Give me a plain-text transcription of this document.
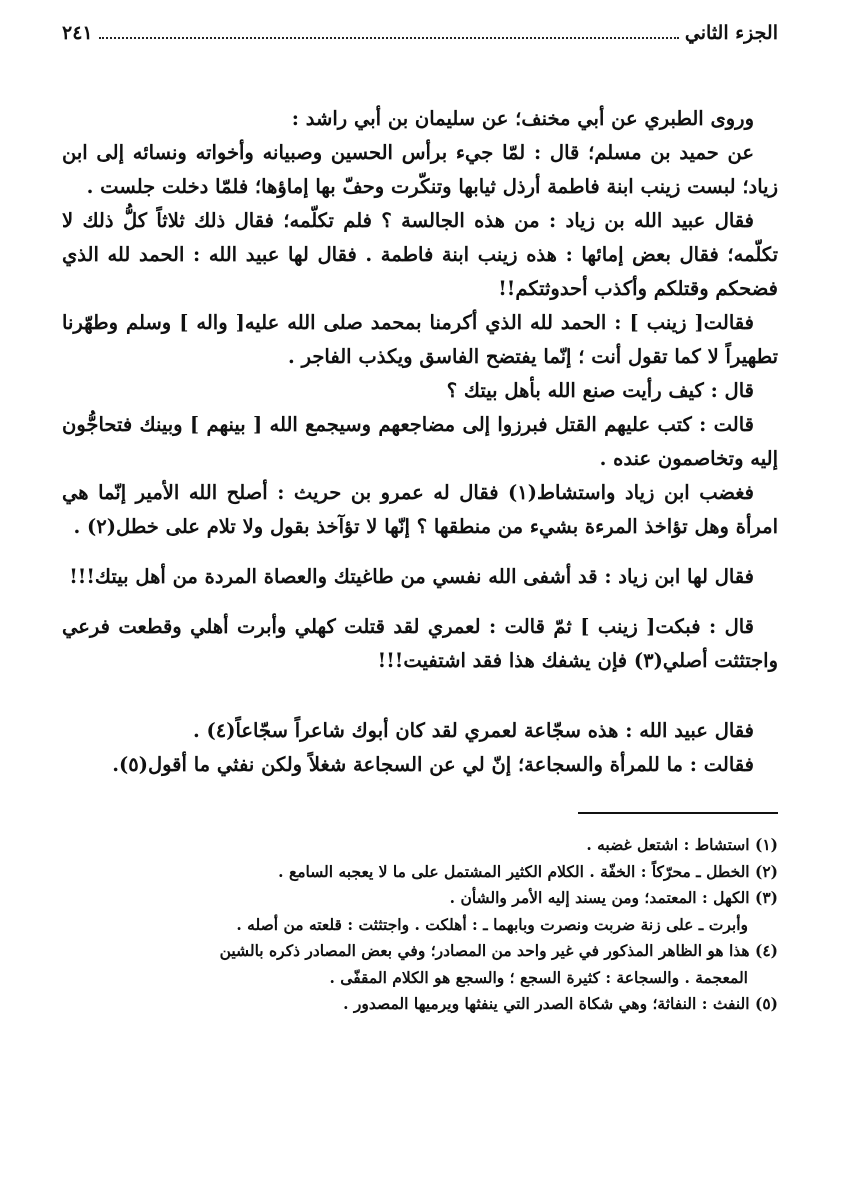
الجزء الثاني
٢٤١

وروى الطبري عن أبي مخنف؛ عن سليمان بن أبي راشد :

عن حميد بن مسلم؛ قال : لمّا جيء برأس الحسين وصبيانه وأخواته ونسائه إلى ابن زياد؛ لبست زينب ابنة فاطمة أرذل ثيابها وتنكّرت وحفّ بها إماؤها؛ فلمّا دخلت جلست .

فقال عبيد الله بن زياد : من هذه الجالسة ؟ فلم تكلّمه؛ فقال ذلك ثلاثاً كلُّ ذلك لا تكلّمه؛ فقال بعض إمائها : هذه زينب ابنة فاطمة . فقال لها عبيد الله : الحمد لله الذي فضحكم وقتلكم وأكذب أحدوثتكم!!

فقالت[ زينب ] : الحمد لله الذي أكرمنا بمحمد صلى الله عليه[ واله ] وسلم وطهّرنا تطهيراً لا كما تقول أنت ؛ إنّما يفتضح الفاسق ويكذب الفاجر .

قال : كيف رأيت صنع الله بأهل بيتك ؟

قالت : كتب عليهم القتل فبرزوا إلى مضاجعهم وسيجمع الله [ بينهم ] وبينك فتحاجُّون إليه وتخاصمون عنده .

فغضب ابن زياد واستشاط(١) فقال له عمرو بن حريث : أصلح الله الأمير إنّما هي امرأة وهل تؤاخذ المرءة بشيء من منطقها ؟ إنّها لا تؤآخذ بقول ولا تلام على خطل(٢) .

فقال لها ابن زياد : قد أشفى الله نفسي من طاغيتك والعصاة المردة من أهل بيتك!!!

قال : فبكت[ زينب ] ثمّ قالت : لعمري لقد قتلت كهلي وأبرت أهلي وقطعت فرعي واجتثثت أصلي(٣) فإن يشفك هذا فقد اشتفيت!!!

فقال عبيد الله : هذه سجّاعة لعمري لقد كان أبوك شاعراً سجّاعاً(٤) .

فقالت : ما للمرأة والسجاعة؛ إنّ لي عن السجاعة شغلاً ولكن نفثي ما أقول(٥).

(١) استشاط : اشتعل غضبه .

(٢) الخطل ـ محرّكاً : الخفّة . الكلام الكثير المشتمل على ما لا يعجبه السامع .

(٣) الكهل : المعتمد؛ ومن يسند إليه الأمر والشأن .

وأبرت ـ على زنة ضربت ونصرت وبابهما ـ : أهلكت . واجتثثت : قلعته من أصله .

(٤) هذا هو الظاهر المذكور في غير واحد من المصادر؛ وفي بعض المصادر ذكره بالشين

المعجمة . والسجاعة : كثيرة السجع ؛ والسجع هو الكلام المقفّى .

(٥) النفث : النفاثة؛ وهي شكاة الصدر التي ينفثها ويرميها المصدور .
